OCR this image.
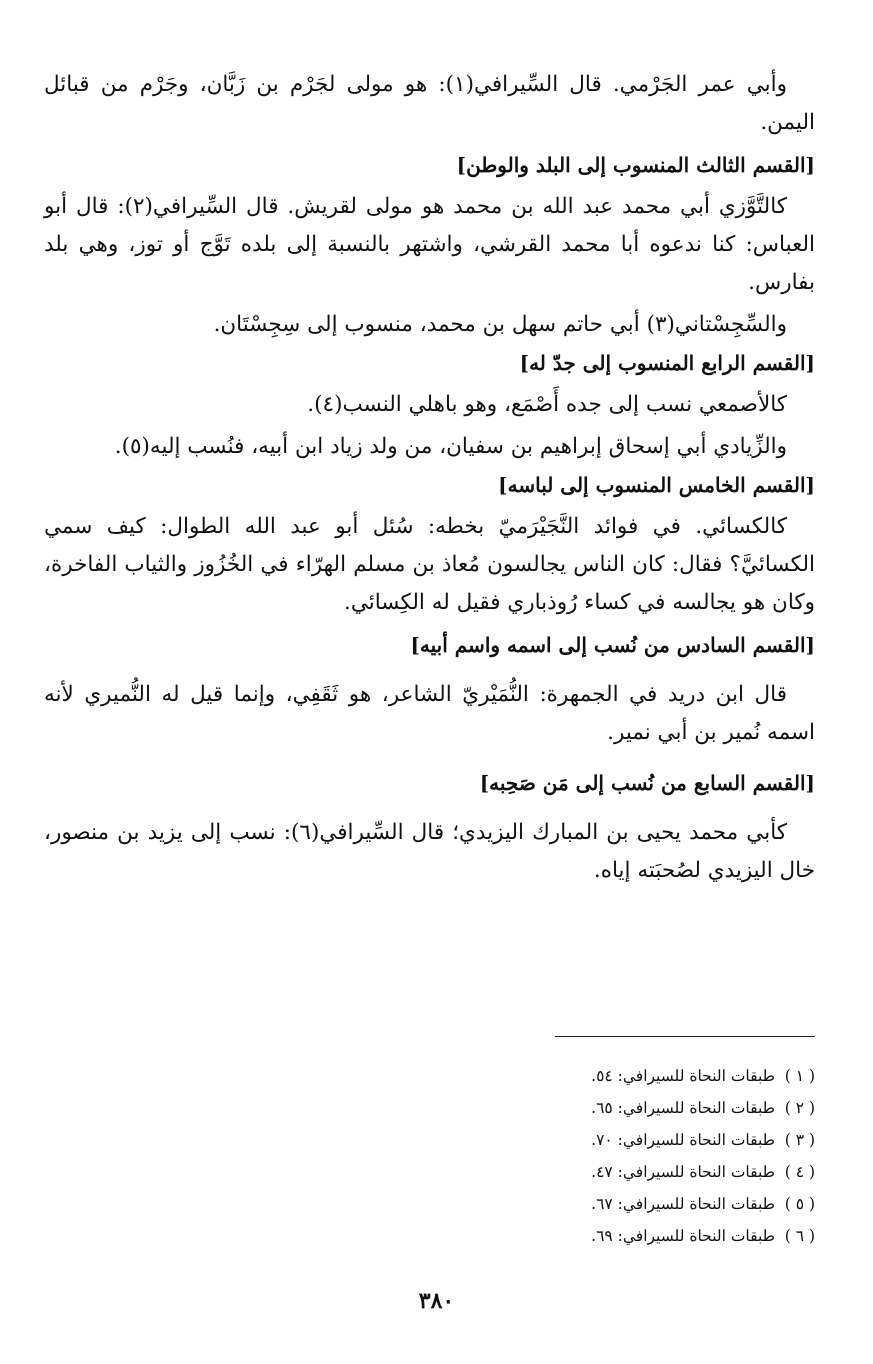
وأبي عمر الجَرْمي. قال السِّيرافي(١): هو مولى لجَرْم بن زَبَّان، وجَرْم من قبائل اليمن.

[القسم الثالث المنسوب إلى البلد والوطن]

كالتَّوَّزي أبي محمد عبد الله بن محمد هو مولى لقريش. قال السِّيرافي(٢): قال أبو العباس: كنا ندعوه أبا محمد القرشي، واشتهر بالنسبة إلى بلده تَوَّج أو توز، وهي بلد بفارس.

والسِّجِسْتاني(٣) أبي حاتم سهل بن محمد، منسوب إلى سِجِسْتَان.

[القسم الرابع المنسوب إلى جدّ له]

كالأصمعي نسب إلى جده أَصْمَع، وهو باهلي النسب(٤).

والزِّيادي أبي إسحاق إبراهيم بن سفيان، من ولد زياد ابن أبيه، فنُسب إليه(٥).

[القسم الخامس المنسوب إلى لباسه]

كالكسائي. في فوائد النَّجَيْرَميّ بخطه: سُئل أبو عبد الله الطوال: كيف سمي الكسائيَّ؟ فقال: كان الناس يجالسون مُعاذ بن مسلم الهرّاء في الخُزُوز والثياب الفاخرة، وكان هو يجالسه في كساء رُوذباري فقيل له الكِسائي.

[القسم السادس من نُسب إلى اسمه واسم أبيه]

قال ابن دريد في الجمهرة: النُّمَيْريّ الشاعر، هو ثَقَفِي، وإنما قيل له النُّميري لأنه اسمه نُمير بن أبي نمير.

[القسم السابع من نُسب إلى مَن صَحِبه]

كأبي محمد يحيى بن المبارك اليزيدي؛ قال السِّيرافي(٦): نسب إلى يزيد بن منصور، خال اليزيدي لصُحبَته إياه.

( ١ )طبقات النحاة للسيرافي: ٥٤.

( ٢ )طبقات النحاة للسيرافي: ٦٥.

( ٣ )طبقات النحاة للسيرافي: ٧٠.

( ٤ )طبقات النحاة للسيرافي: ٤٧.

( ٥ )طبقات النحاة للسيرافي: ٦٧.

( ٦ )طبقات النحاة للسيرافي: ٦٩.

٣٨٠
